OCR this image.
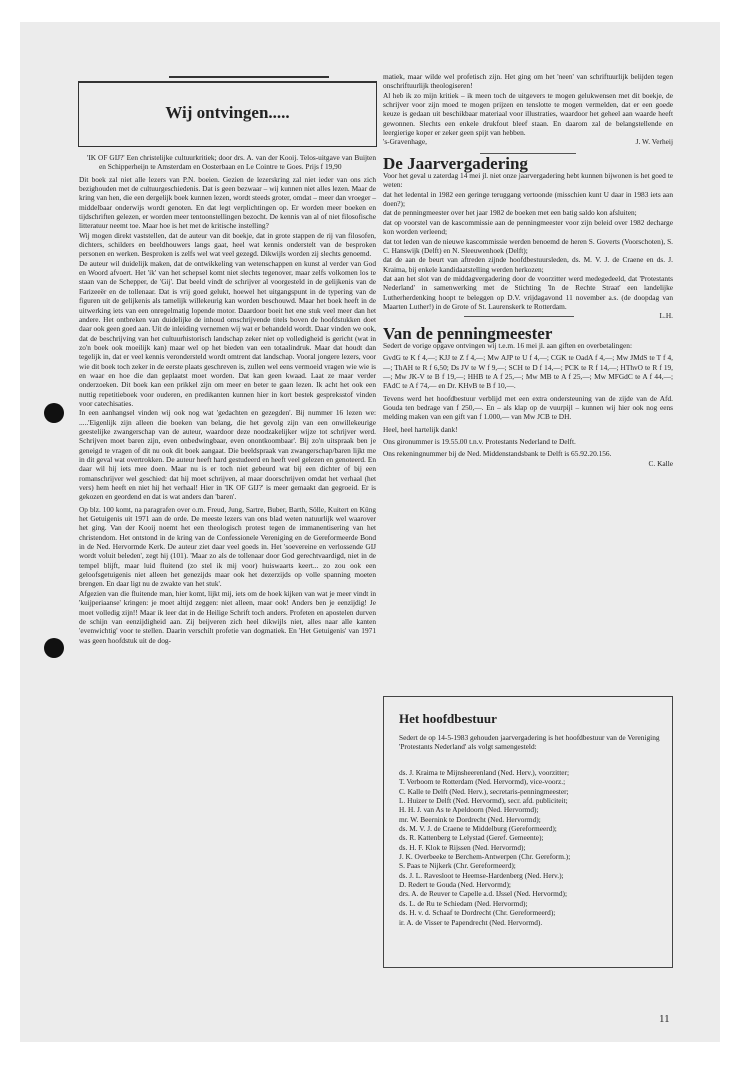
Wij ontvingen.....

'IK OF GIJ?' Een christelijke cultuurkritiek; door drs. A. van der Kooij. Telos-uitgave van Buijten en Schipperheijn te Amsterdam en Oosterbaan en Le Cointre te Goes. Prijs f 19,90

Dit boek zal niet alle lezers van P.N. boeien. Gezien de lezerskring zal niet ieder van ons zich bezighouden met de cultuurgeschiedenis. Dat is geen bezwaar – wij kunnen niet alles lezen. Maar de kring van hen, die een dergelijk boek kunnen lezen, wordt steeds groter, omdat – meer dan vroeger – middelbaar onderwijs wordt genoten. En dat legt verplichtingen op. Er worden meer boeken en tijdschriften gelezen, er worden meer tentoonstellingen bezocht. De kennis van al of niet filosofische litteratuur neemt toe. Maar hoe is het met de kritische instelling?

Wij mogen direkt vaststellen, dat de auteur van dit boekje, dat in grote stappen de rij van filosofen, dichters, schilders en beeldhouwers langs gaat, heel wat kennis onderstelt van de besproken personen en werken. Besproken is zelfs wel wat veel gezegd. Dikwijls worden zij slechts genoemd.

De auteur wil duidelijk maken, dat de ontwikkeling van wetenschappen en kunst al verder van God en Woord afvoert. Het 'ik' van het schepsel komt niet slechts tegenover, maar zelfs volkomen los te staan van de Schepper, de 'Gij'. Dat beeld vindt de schrijver al voorgesteld in de gelijkenis van de Farizeeër en de tollenaar. Dat is vrij goed gelukt, hoewel het uitgangspunt in de typering van de figuren uit de gelijkenis als tamelijk willekeurig kan worden beschouwd. Maar het boek heeft in de uitwerking iets van een onregelmatig lopende motor. Daardoor boeit het ene stuk veel meer dan het andere. Het ontbreken van duidelijke de inhoud omschrijvende titels boven de hoofdstukken doet daar ook geen goed aan. Uit de inleiding vernemen wij wat er behandeld wordt. Daar vinden we ook, dat de beschrijving van het cultuurhistorisch landschap zeker niet op volledigheid is gericht (wat in zo'n boek ook moeilijk kan) maar wel op het bieden van een totaalindruk. Maar dat houdt dan tegelijk in, dat er veel kennis verondersteld wordt omtrent dat landschap. Vooral jongere lezers, voor wie dit boek toch zeker in de eerste plaats geschreven is, zullen wel eens vermoeid vragen wie wie is en waar en hoe die dan geplaatst moet worden. Dat kan geen kwaad. Laat ze maar verder onderzoeken. Dit boek kan een prikkel zijn om meer en beter te gaan lezen. Ik acht het ook een nuttig repetitieboek voor ouderen, en predikanten kunnen hier in kort bestek gespreksstof vinden voor catechisaties.

In een aanhangsel vinden wij ook nog wat 'gedachten en gezegden'. Bij nummer 16 lezen we: .....'Eigenlijk zijn alleen die boeken van belang, die het gevolg zijn van een onwillekeurige geestelijke zwangerschap van de auteur, waardoor deze noodzakelijker wijze tot schrijver werd. Schrijven moet baren zijn, even onbedwingbaar, even onontkoombaar'. Bij zo'n uitspraak ben je geneigd te vragen of dit nu ook dit boek aangaat. Die beeldspraak van zwangerschap/baren lijkt me in dit geval wat overtrokken. De auteur heeft hard gestudeerd en heeft veel gelezen en genoteerd. En daar wil hij iets mee doen. Maar nu is er toch niet gebeurd wat bij een dichter of bij een romanschrijver wel geschied: dat hij moet schrijven, al maar doorschrijven omdat het verhaal (het vers) hem heeft en niet hij het verhaal! Hier in 'IK OF GIJ?' is meer gemaakt dan gegroeid. Er is gekozen en geordend en dat is wat anders dan 'baren'.

Op blz. 100 komt, na paragrafen over o.m. Freud, Jung, Sartre, Buber, Barth, Sölle, Kuitert en Küng het Getuigenis uit 1971 aan de orde. De meeste lezers van ons blad weten natuurlijk wel waarover het ging. Van der Kooij noemt het een theologisch protest tegen de immanentisering van het christendom. Het ontstond in de kring van de Confessionele Vereniging en de Gereformeerde Bond in de Ned. Hervormde Kerk. De auteur ziet daar veel goeds in. Het 'soevereine en verlossende GIJ wordt voluit beleden', zegt hij (101). 'Maar zo als de tollenaar door God gerechtvaardigd, niet in de tempel blijft, maar luid fluitend (zo stel ik mij voor) huiswaarts keert... zo zou ook een geloofsgetuigenis niet alleen het genezijds maar ook het dezerzijds op volle spanning moeten brengen. En daar ligt nu de zwakte van het stuk'.

Afgezien van die fluitende man, hier komt, lijkt mij, iets om de hoek kijken van wat je meer vindt in 'kuijperiaanse' kringen: je moet altijd zeggen: niet alleen, maar ook! Anders ben je eenzijdig! Je moet volledig zijn!! Maar ik leer dat in de Heilige Schrift toch anders. Profeten en apostelen durven de schijn van eenzijdigheid aan. Zij beijveren zich heel dikwijls niet, alles naar alle kanten 'evenwichtig' voor te stellen. Daarin verschilt profetie van dogmatiek. En 'Het Getuigenis' van 1971 was geen hoofdstuk uit de dog-

matiek, maar wilde wel profetisch zijn. Het ging om het 'neen' van schriftuurlijk belijden tegen onschriftuurlijk theologiseren!

Al heb ik zo mijn kritiek – ik meen toch de uitgevers te mogen gelukwensen met dit boekje, de schrijver voor zijn moed te mogen prijzen en tenslotte te mogen vermelden, dat er een goede keuze is gedaan uit beschikbaar materiaal voor illustraties, waardoor het geheel aan waarde heeft gewonnen. Slechts een enkele drukfout bleef staan. En daarom zal de belangstellende en leergierige koper er zeker geen spijt van hebben.

's-Gravenhage,	J. W. Verheij

De Jaarvergadering

Voor het geval u zaterdag 14 mei jl. niet onze jaarvergadering hebt kunnen bijwonen is het goed te weten:

dat het ledental in 1982 een geringe teruggang vertoonde (misschien kunt U daar in 1983 iets aan doen?);

dat de penningmeester over het jaar 1982 de boeken met een batig saldo kon afsluiten;

dat op voorstel van de kascommissie aan de penningmeester voor zijn beleid over 1982 decharge kon worden verleend;

dat tot leden van de nieuwe kascommissie werden benoemd de heren S. Goverts (Voorschoten), S. C. Hanswijk (Delft) en N. Sleeuwenhoek (Delft);

dat de aan de beurt van aftreden zijnde hoofdbestuursleden, ds. M. V. J. de Craene en ds. J. Kraima, bij enkele kandidaatstelling werden herkozen;

dat aan het slot van de middagvergadering door de voorzitter werd medegedeeld, dat 'Protestants Nederland' in samenwerking met de Stichting 'In de Rechte Straat' een landelijke Lutherherdenking hoopt te beleggen op D.V. vrijdagavond 11 november a.s. (de doopdag van Maarten Luther!) in de Grote of St. Laurenskerk te Rotterdam.

L.H.

Van de penningmeester

Sedert de vorige opgave ontvingen wij t.e.m. 16 mei jl. aan giften en overbetalingen:

GvdG te K f 4,—; KJJ te Z f 4,—; Mw AJP te U f 4,—; CGK te OadA f 4,—; Mw JMdS te T f 4,—; ThAH te R f 6,50; Ds JV te W f 9,—; SCH te D f 14,—; PCK te R f 14,—; HThvO te R f 19,—; Mw JK-V te B f 19,—; HHB te A f 25,—; Mw MB te A f 25,—; Mw MFGdC te A f 44,—; FAdC te A f 74,— en Dr. KHvB te B f 10,—.

Tevens werd het hoofdbestuur verblijd met een extra ondersteuning van de zijde van de Afd. Gouda ten bedrage van f 250,—. En – als klap op de vuurpijl – kunnen wij hier ook nog eens melding maken van een gift van f 1.000,— van Mw JCB te DH.

Heel, heel hartelijk dank!

Ons gironummer is 19.55.00 t.n.v. Protestants Nederland te Delft.

Ons rekeningnummer bij de Ned. Middenstandsbank te Delft is 65.92.20.156.

C. Kalle

Het hoofdbestuur
Sedert de op 14-5-1983 gehouden jaarvergadering is het hoofdbestuur van de Vereniging 'Protestants Nederland' als volgt samengesteld:
ds. J. Kraima te Mijnsheerenland (Ned. Herv.), voorzitter;
T. Verboom te Rotterdam (Ned. Hervormd), vice-voorz.;
C. Kalle te Delft (Ned. Herv.), secretaris-penningmeester;
L. Huizer te Delft (Ned. Hervormd), secr. afd. publiciteit;
H. H. J. van As te Apeldoorn (Ned. Hervormd);
mr. W. Beernink te Dordrecht (Ned. Hervormd);
ds. M. V. J. de Craene te Middelburg (Gereformeerd);
ds. R. Kattenberg te Lelystad (Geref. Gemeente);
ds. H. F. Klok te Rijssen (Ned. Hervormd);
J. K. Overbeeke te Berchem-Antwerpen (Chr. Gereform.);
S. Paas te Nijkerk (Chr. Gereformeerd);
ds. J. L. Ravesloot te Heemse-Hardenberg (Ned. Herv.);
D. Redert te Gouda (Ned. Hervormd);
drs. A. de Reuver te Capelle a.d. IJssel (Ned. Hervormd);
ds. L. de Ru te Schiedam (Ned. Hervormd);
ds. H. v. d. Schaaf te Dordrecht (Chr. Gereformeerd);
ir. A. de Visser te Papendrecht (Ned. Hervormd).
11
